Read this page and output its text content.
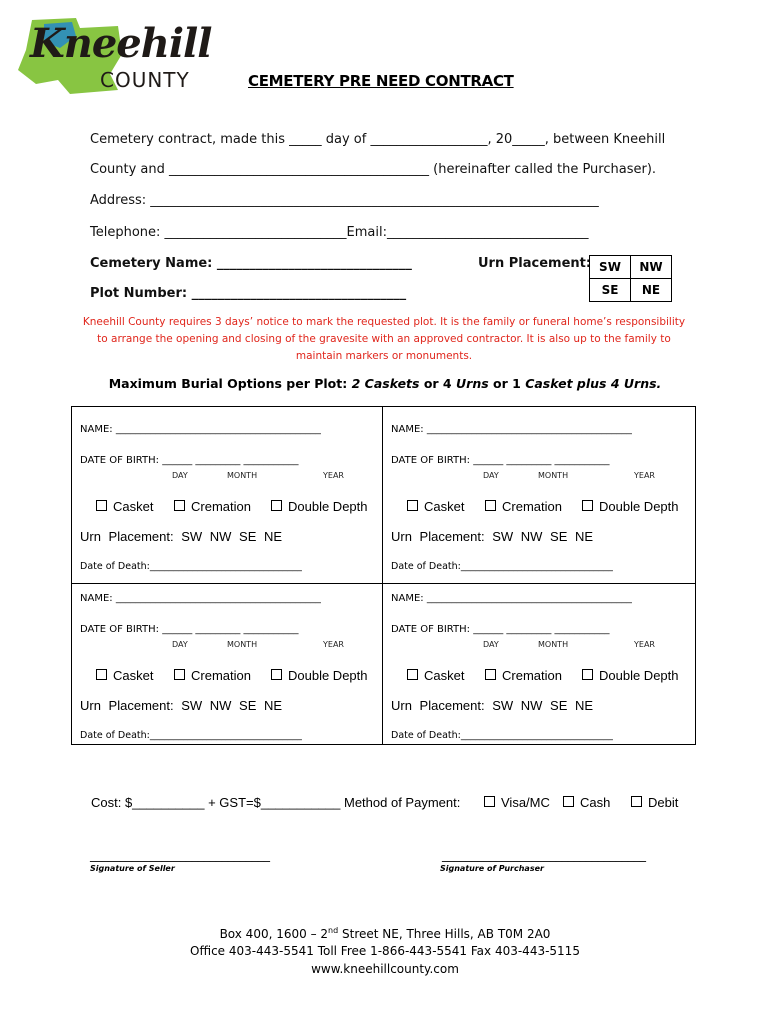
Kneehill
COUNTY	CEMETERY PRE NEED CONTRACT
Cemetery contract, made this _____ day of __________________, 20_____, between Kneehill
County and ________________________________________ (hereinafter called the Purchaser).
Address: _____________________________________________________________________
Telephone: ____________________________Email:_______________________________
Cemetery Name: ______________________________
Plot Number: _________________________________
Urn Placement: SW	NW
SE	NE
Kneehill County requires 3 days’ notice to mark the requested plot. It is the family or funeral home’s responsibility to arrange the opening and closing of the gravesite with an approved contractor. It is also up to the family to maintain markers or monuments.
Maximum Burial Options per Plot: 2 Caskets or 4 Urns or 1 Casket plus 4 Urns.
NAME: _________________________________________
DATE OF BIRTH: ______ _________ ___________
DAY	MONTH	YEAR
Casket	Cremation	Double Depth
Urn Placement: SW NW SE NE
Date of Death:________________________________
NAME: _________________________________________
DATE OF BIRTH: ______ _________ ___________
DAY	MONTH	YEAR
Casket	Cremation	Double Depth
Urn Placement: SW NW SE NE
Date of Death:________________________________
NAME: _________________________________________
DATE OF BIRTH: ______ _________ ___________
DAY	MONTH	YEAR
Casket	Cremation	Double Depth
Urn Placement: SW NW SE NE
Date of Death:________________________________
NAME: _________________________________________
DATE OF BIRTH: ______ _________ ___________
DAY	MONTH	YEAR
Casket	Cremation	Double Depth
Urn Placement: SW NW SE NE
Date of Death:________________________________
Cost: $__________ + GST=$___________ Method of Payment:	Visa/MC	Cash	Debit
______________________________	__________________________________
Signature of Seller	Signature of Purchaser
Box 400, 1600 – 2nd Street NE, Three Hills, AB T0M 2A0
Office 403-443-5541 Toll Free 1-866-443-5541 Fax 403-443-5115
www.kneehillcounty.com
